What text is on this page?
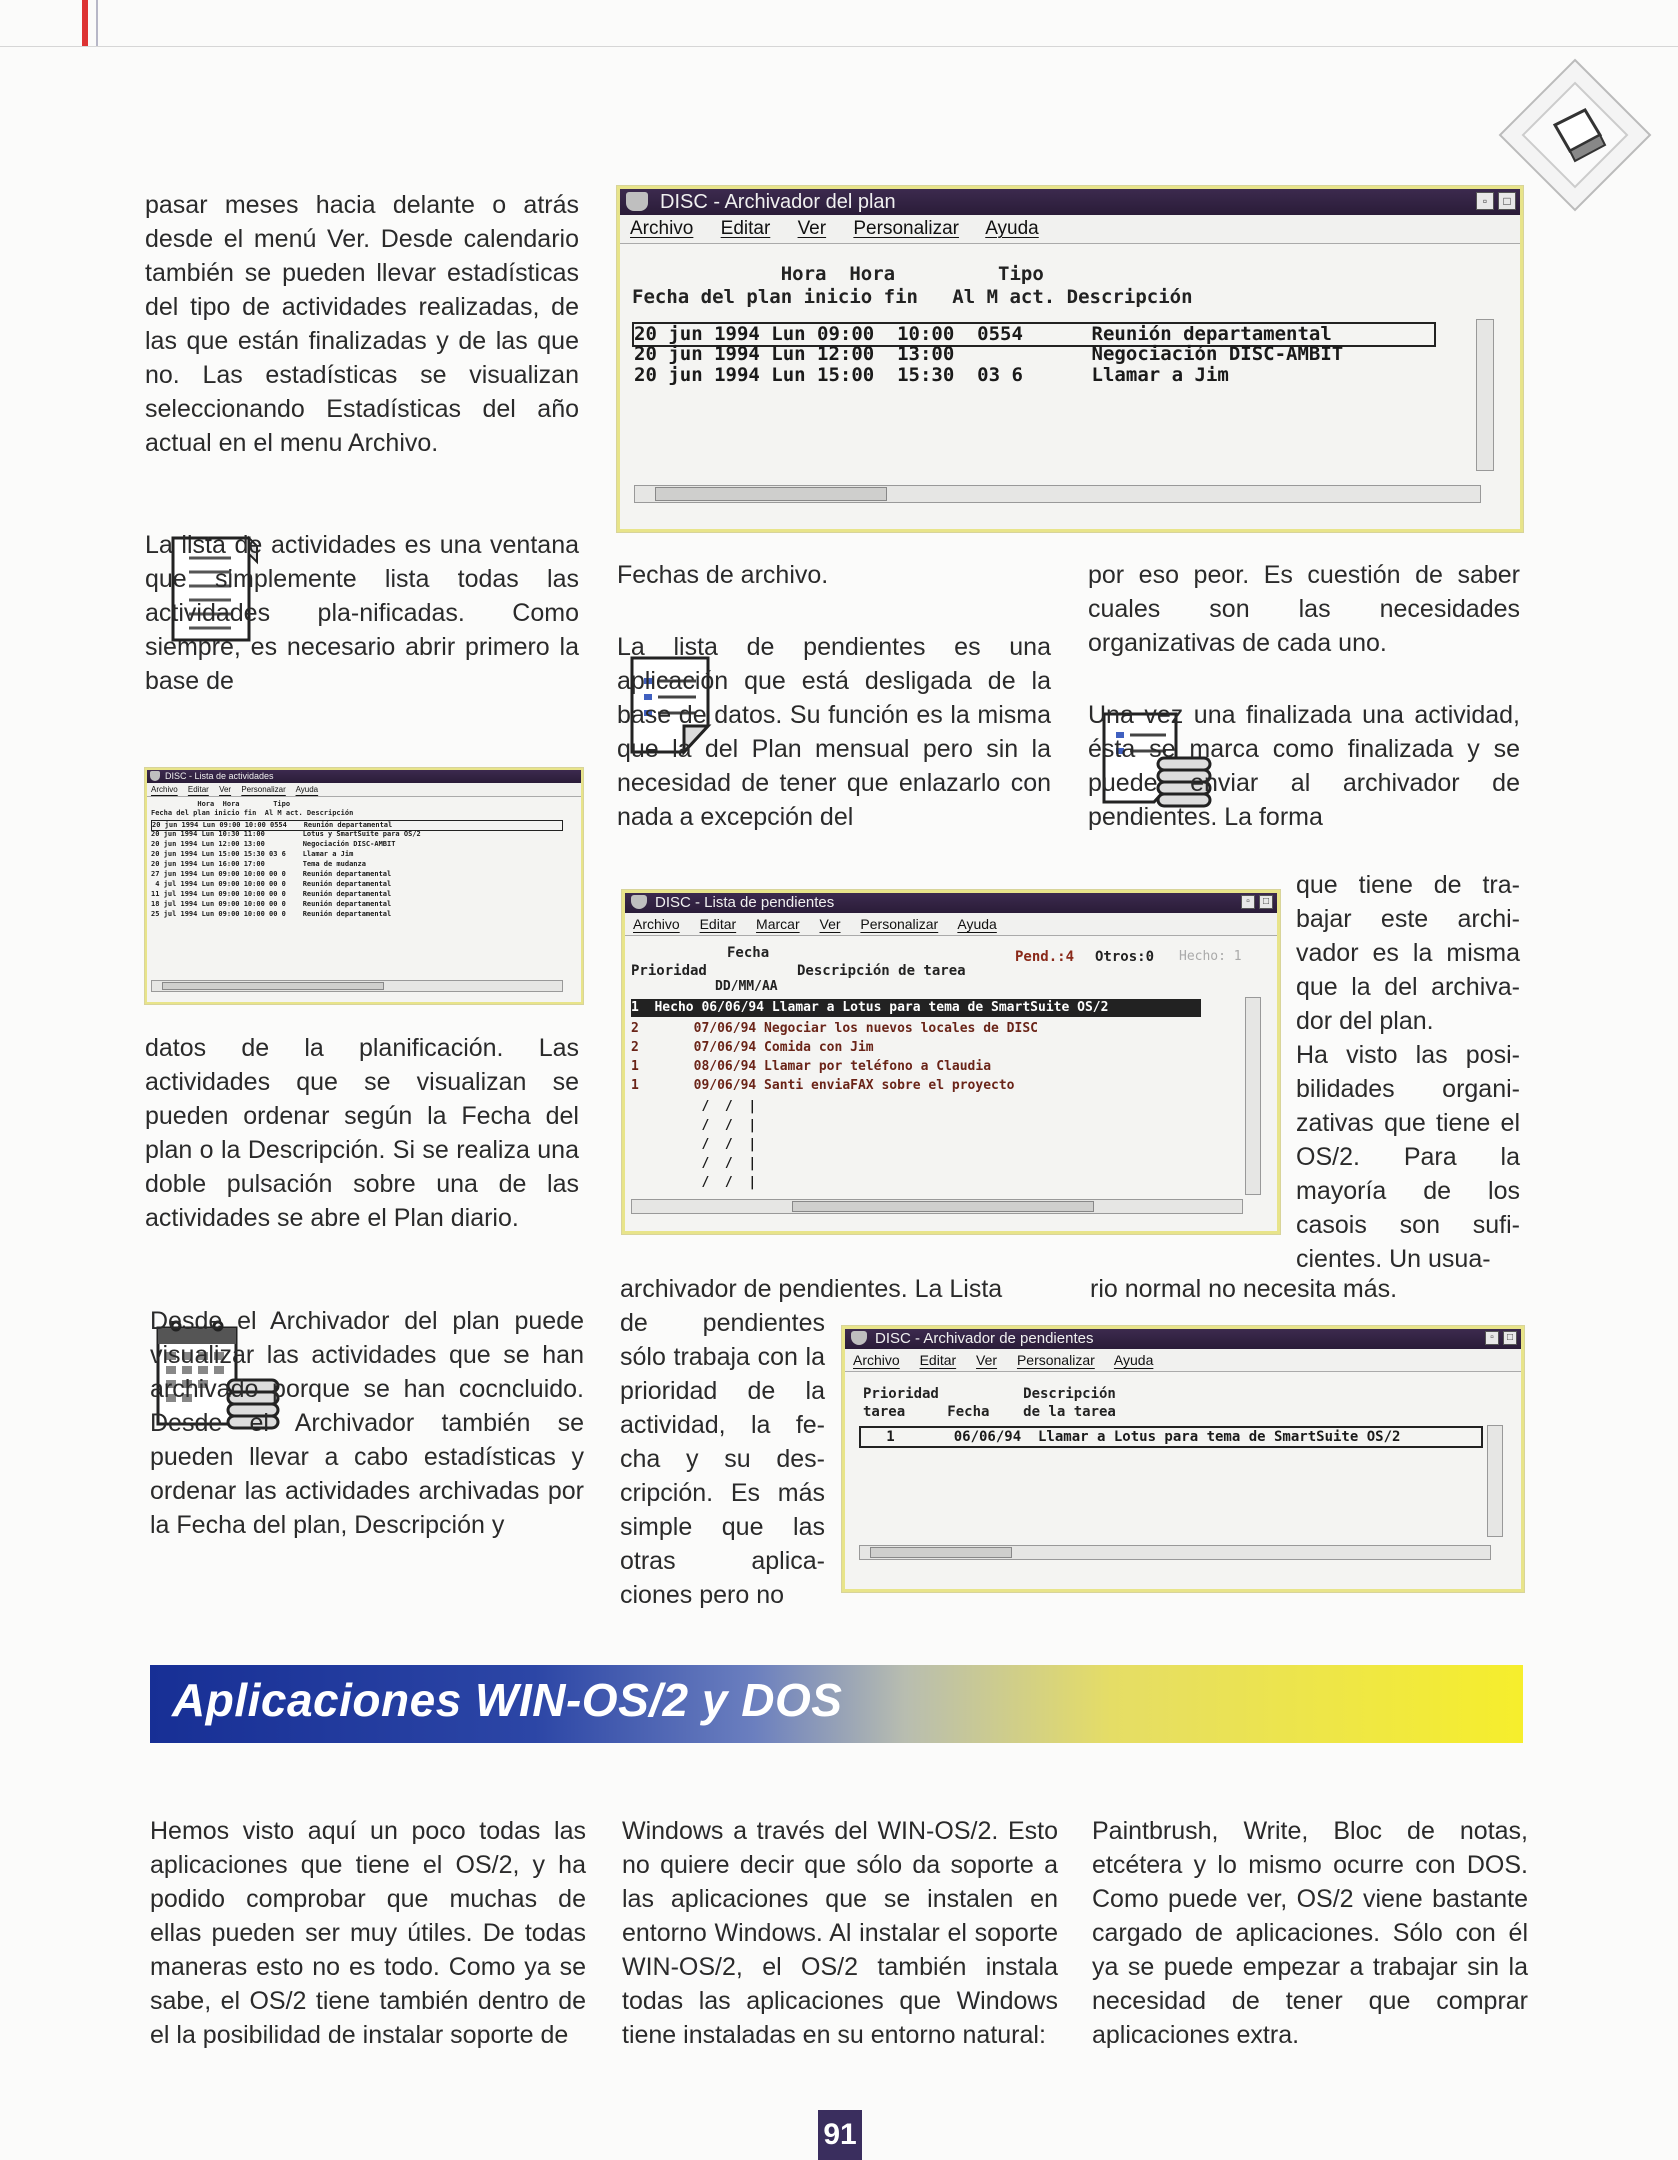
pasar meses hacia delante o atrás desde el menú Ver. Desde calendario también se pueden llevar estadísticas del tipo de actividades realizadas, de las que están finalizadas y de las que no. Las estadísticas se visualizan seleccionando Estadísticas del año actual en el menu Archivo.

La lista de actividades es una ventana que simplemente lista todas las actividades pla-nificadas. Como siempre, es necesario abrir primero la base de

DISC - Lista de actividades
Archivo Editar Ver Personalizar Ayuda
Hora  Hora        Tipo
Fecha del plan inicio fin  Al M act. Descripción
20 jun 1994 Lun 09:00 10:00 0554    Reunión departamental
20 jun 1994 Lun 10:30 11:00         Lotus y SmartSuite para OS/2
20 jun 1994 Lun 12:00 13:00         Negociación DISC-AMBIT
20 jun 1994 Lun 15:00 15:30 03 6    Llamar a Jim
20 jun 1994 Lun 16:00 17:00         Tema de mudanza
27 jun 1994 Lun 09:00 10:00 00 0    Reunión departamental
4 jul 1994 Lun 09:00 10:00 00 0    Reunión departamental
11 jul 1994 Lun 09:00 10:00 00 0    Reunión departamental
18 jul 1994 Lun 09:00 10:00 00 0    Reunión departamental
25 jul 1994 Lun 09:00 10:00 00 0    Reunión departamental

datos de la planificación. Las actividades que se visualizan se pueden ordenar según la Fecha del plan o la Descripción. Si se realiza una doble pulsación sobre una de las actividades se abre el Plan diario.

Desde el Archivador del plan puede visualizar las actividades que se han archivado porque se han cocncluido. Desde el Archivador también se pueden llevar a cabo estadísticas y ordenar las actividades archivadas por la Fecha del plan, Descripción y

DISC - Archivador del plan	▫	□
Archivo Editar Ver Personalizar Ayuda
Hora  Hora         Tipo
Fecha del plan inicio fin   Al M act. Descripción
20 jun 1994 Lun 09:00  10:00  0554      Reunión departamental
20 jun 1994 Lun 12:00  13:00            Negociación DISC-AMBIT
20 jun 1994 Lun 15:00  15:30  03 6      Llamar a Jim

Fechas de archivo.

La lista de pendientes es una aplicación que está desligada de la base de datos. Su función es la misma que la del Plan mensual pero sin la necesidad de tener que enlazarlo con nada a excepción del

DISC - Lista de pendientes	▫	□
Archivo Editar Marcar Ver Personalizar Ayuda
Fecha
Prioridad	Descripción de tarea
DD/MM/AA
Pend.:4 Otros:0 Hecho: 1
1  Hecho 06/06/94 Llamar a Lotus para tema de SmartSuite OS/2
2       07/06/94 Negociar los nuevos locales de DISC
2       07/06/94 Comida con Jim
1       08/06/94 Llamar por teléfono a Claudia
1       09/06/94 Santi enviaFAX sobre el proyecto
/  /  |
/  /  |
/  /  |
/  /  |
/  /  |

archivador de pendientes. La Lista

de pendientes sólo trabaja con la prioridad de la actividad, la fe-cha y su des-cripción. Es más simple que las otras aplica-ciones pero no

DISC - Archivador de pendientes	▫	□
Archivo Editar Ver Personalizar Ayuda
Prioridad          Descripción
tarea     Fecha    de la tarea
1       06/06/94  Llamar a Lotus para tema de SmartSuite OS/2

por eso peor. Es cuestión de saber cuales son las necesidades organizativas de cada uno.

Una vez una finalizada una actividad, ésta se marca como finalizada y se puede enviar al archivador de pendientes. La forma

que tiene de tra-bajar este archi-vador es la misma que la del archiva-dor del plan.

Ha visto las posi-bilidades organi-zativas que tiene el OS/2. Para la mayoría de los casois son sufi-cientes. Un usua-

rio normal no necesita más.

Aplicaciones WIN-OS/2 y DOS

Hemos visto aquí un poco todas las aplicaciones que tiene el OS/2, y ha podido comprobar que muchas de ellas pueden ser muy útiles. De todas maneras esto no es todo. Como ya se sabe, el OS/2 tiene también dentro de el la posibilidad de instalar soporte de

Windows a través del WIN-OS/2. Esto no quiere decir que sólo da soporte a las aplicaciones que se instalen en entorno Windows. Al instalar el soporte WIN-OS/2, el OS/2 también instala todas las aplicaciones que Windows tiene instaladas en su entorno natural:

Paintbrush, Write, Bloc de notas, etcétera y lo mismo ocurre con DOS. Como puede ver, OS/2 viene bastante cargado de aplicaciones. Sólo con él ya se puede empezar a trabajar sin la necesidad de tener que comprar aplicaciones extra.

91
